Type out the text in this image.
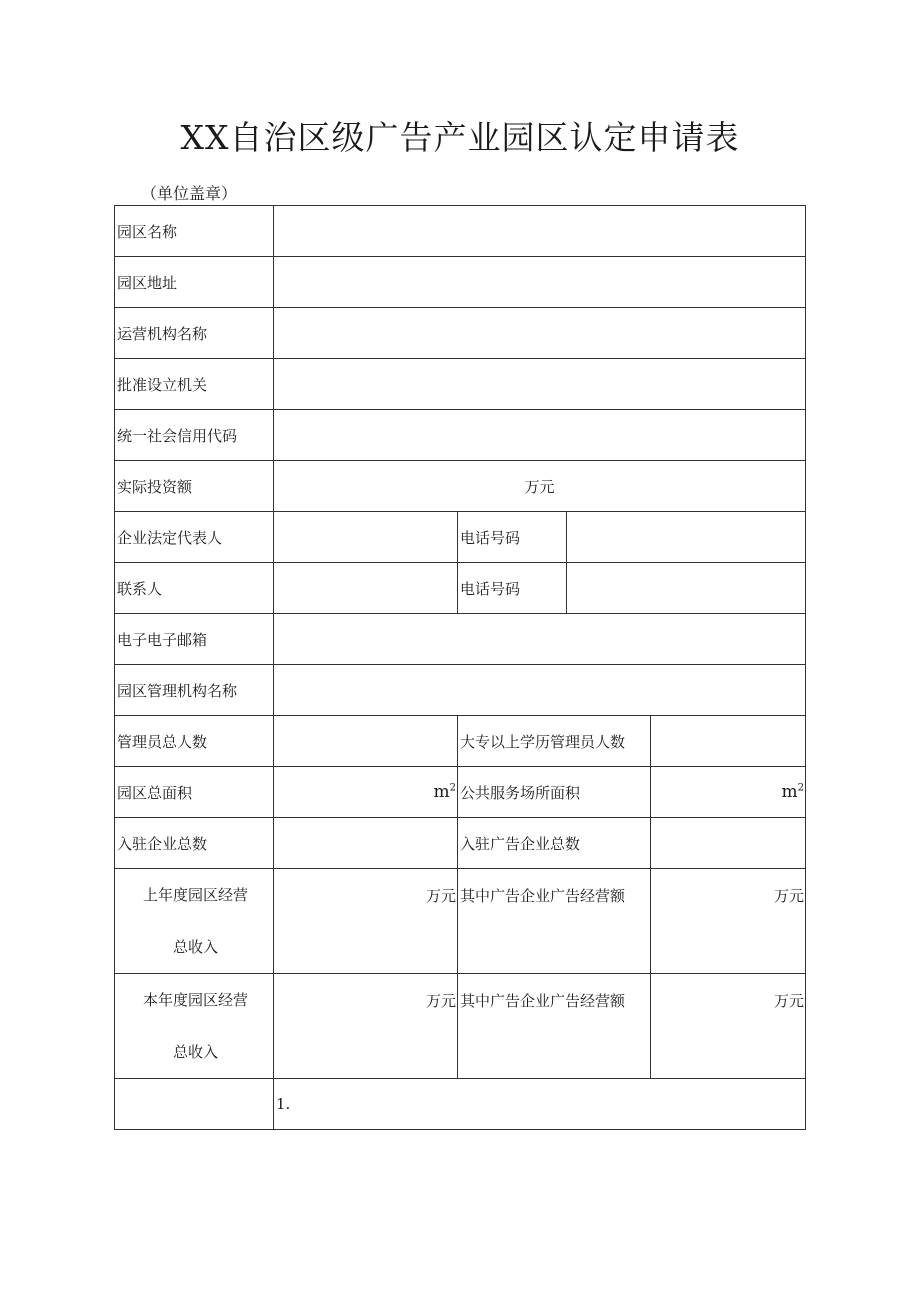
XX自治区级广告产业园区认定申请表
（单位盖章）
园区名称				
园区地址				
运营机构名称				
批准设立机关				
统一社会信用代码				
实际投资额	万元			
企业法定代表人		电话号码		
联系人		电话号码		
电子电子邮箱				
园区管理机构名称				
管理员总人数		大专以上学历管理员人数		
园区总面积	$m^2$	公共服务场所面积		$m^2$
入驻企业总数		入驻广告企业总数		

上年度园区经营
总收入	万元	其中广告企业广告经营额		万元

本年度园区经营
总收入	万元	其中广告企业广告经营额		万元
	1.			
